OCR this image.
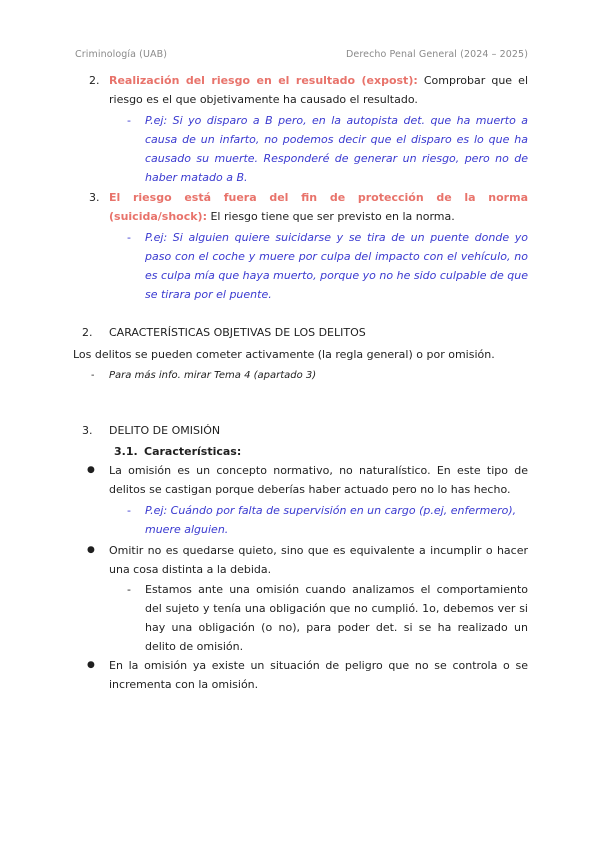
Criminología (UAB)	Derecho Penal General (2024 – 2025)
2. Realización del riesgo en el resultado (expost): Comprobar que el riesgo es el que objetivamente ha causado el resultado.
- P.ej: Si yo disparo a B pero, en la autopista det. que ha muerto a causa de un infarto, no podemos decir que el disparo es lo que ha causado su muerte. Responderé de generar un riesgo, pero no de haber matado a B.
3. El riesgo está fuera del fin de protección de la norma (suicida/shock): El riesgo tiene que ser previsto en la norma.
- P.ej: Si alguien quiere suicidarse y se tira de un puente donde yo paso con el coche y muere por culpa del impacto con el vehículo, no es culpa mía que haya muerto, porque yo no he sido culpable de que se tirara por el puente.
2. CARACTERÍSTICAS OBJETIVAS DE LOS DELITOS
Los delitos se pueden cometer activamente (la regla general) o por omisión.
- Para más info. mirar Tema 4 (apartado 3)
3. DELITO DE OMISIÓN
3.1. Características:
● La omisión es un concepto normativo, no naturalístico. En este tipo de delitos se castigan porque deberías haber actuado pero no lo has hecho.
- P.ej: Cuándo por falta de supervisión en un cargo (p.ej, enfermero), muere alguien.
● Omitir no es quedarse quieto, sino que es equivalente a incumplir o hacer una cosa distinta a la debida.
- Estamos ante una omisión cuando analizamos el comportamiento del sujeto y tenía una obligación que no cumplió. 1o, debemos ver si hay una obligación (o no), para poder det. si se ha realizado un delito de omisión.
● En la omisión ya existe un situación de peligro que no se controla o se incrementa con la omisión.
